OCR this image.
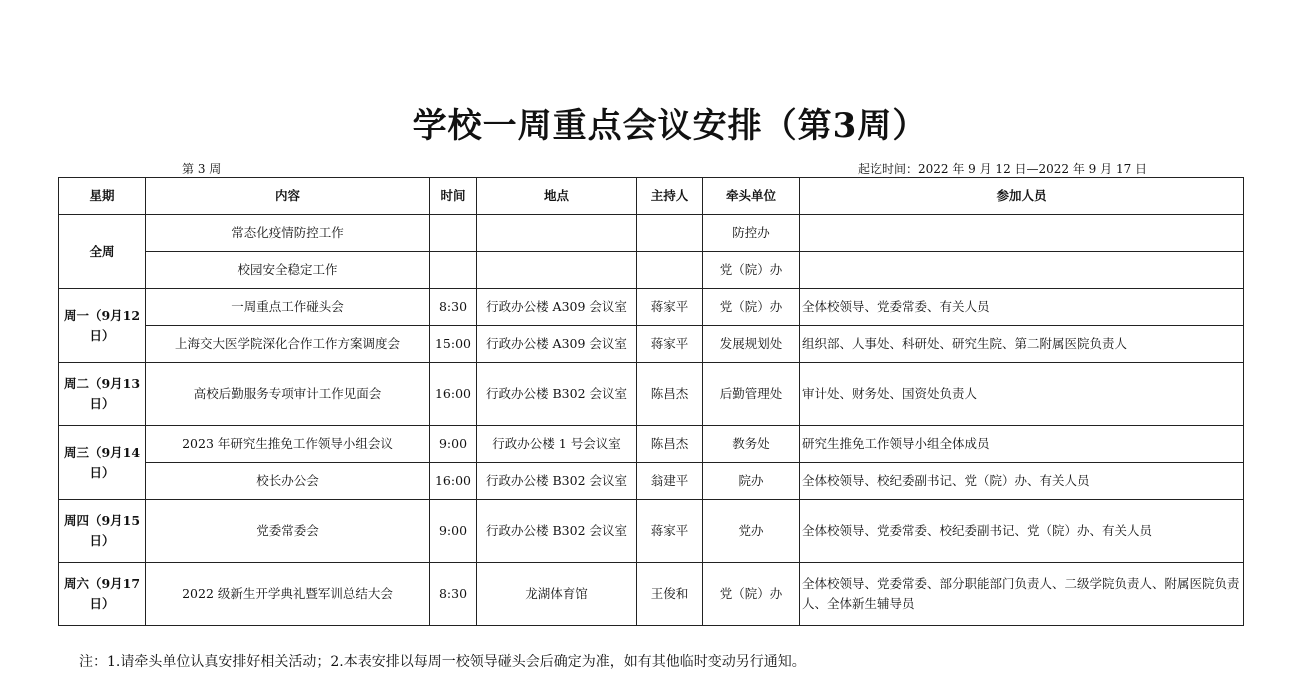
学校一周重点会议安排（第3周）
第 3 周	起讫时间：2022 年 9 月 12 日—2022 年 9 月 17 日
星期	内容	时间	地点	主持人	牵头单位	参加人员
全周	常态化疫情防控工作				防控办	
	校园安全稳定工作				党（院）办	
周一（9月12日）	一周重点工作碰头会	8:30	行政办公楼 A309 会议室	蒋家平	党（院）办	全体校领导、党委常委、有关人员
	上海交大医学院深化合作工作方案调度会	15:00	行政办公楼 A309 会议室	蒋家平	发展规划处	组织部、人事处、科研处、研究生院、第二附属医院负责人
周二（9月13日）	高校后勤服务专项审计工作见面会	16:00	行政办公楼 B302 会议室	陈昌杰	后勤管理处	审计处、财务处、国资处负责人
周三（9月14日）	2023 年研究生推免工作领导小组会议	9:00	行政办公楼 1 号会议室	陈昌杰	教务处	研究生推免工作领导小组全体成员
	校长办公会	16:00	行政办公楼 B302 会议室	翁建平	院办	全体校领导、校纪委副书记、党（院）办、有关人员
周四（9月15日）	党委常委会	9:00	行政办公楼 B302 会议室	蒋家平	党办	全体校领导、党委常委、校纪委副书记、党（院）办、有关人员
周六（9月17日）	2022 级新生开学典礼暨军训总结大会	8:30	龙湖体育馆	王俊和	党（院）办	全体校领导、党委常委、部分职能部门负责人、二级学院负责人、附属医院负责人、全体新生辅导员
注：1.请牵头单位认真安排好相关活动；2.本表安排以每周一校领导碰头会后确定为准，如有其他临时变动另行通知。
